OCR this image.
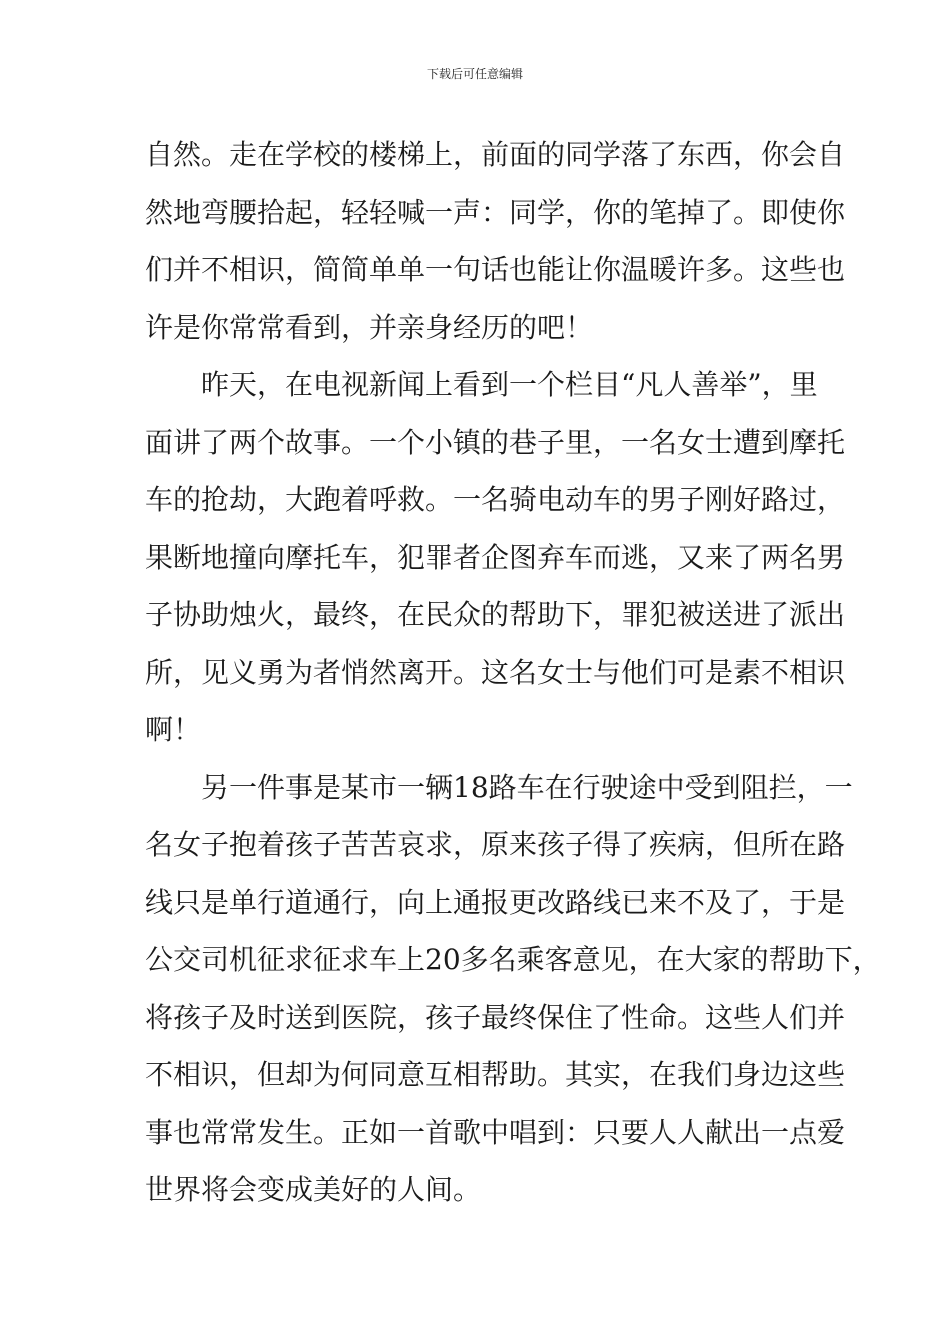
下载后可任意编辑
自然。走在学校的楼梯上，前面的同学落了东西，你会自
然地弯腰拾起，轻轻喊一声：同学，你的笔掉了。即使你
们并不相识，简简单单一句话也能让你温暖许多。这些也
许是你常常看到，并亲身经历的吧！
昨天，在电视新闻上看到一个栏目“凡人善举”，里
面讲了两个故事。一个小镇的巷子里，一名女士遭到摩托
车的抢劫，大跑着呼救。一名骑电动车的男子刚好路过，
果断地撞向摩托车，犯罪者企图弃车而逃，又来了两名男
子协助烛火，最终，在民众的帮助下，罪犯被送进了派出
所，见义勇为者悄然离开。这名女士与他们可是素不相识
啊！
另一件事是某市一辆18路车在行驶途中受到阻拦，一
名女子抱着孩子苦苦哀求，原来孩子得了疾病，但所在路
线只是单行道通行，向上通报更改路线已来不及了，于是
公交司机征求征求车上20多名乘客意见，在大家的帮助下，
将孩子及时送到医院，孩子最终保住了性命。这些人们并
不相识，但却为何同意互相帮助。其实，在我们身边这些
事也常常发生。正如一首歌中唱到：只要人人献出一点爱
世界将会变成美好的人间。
